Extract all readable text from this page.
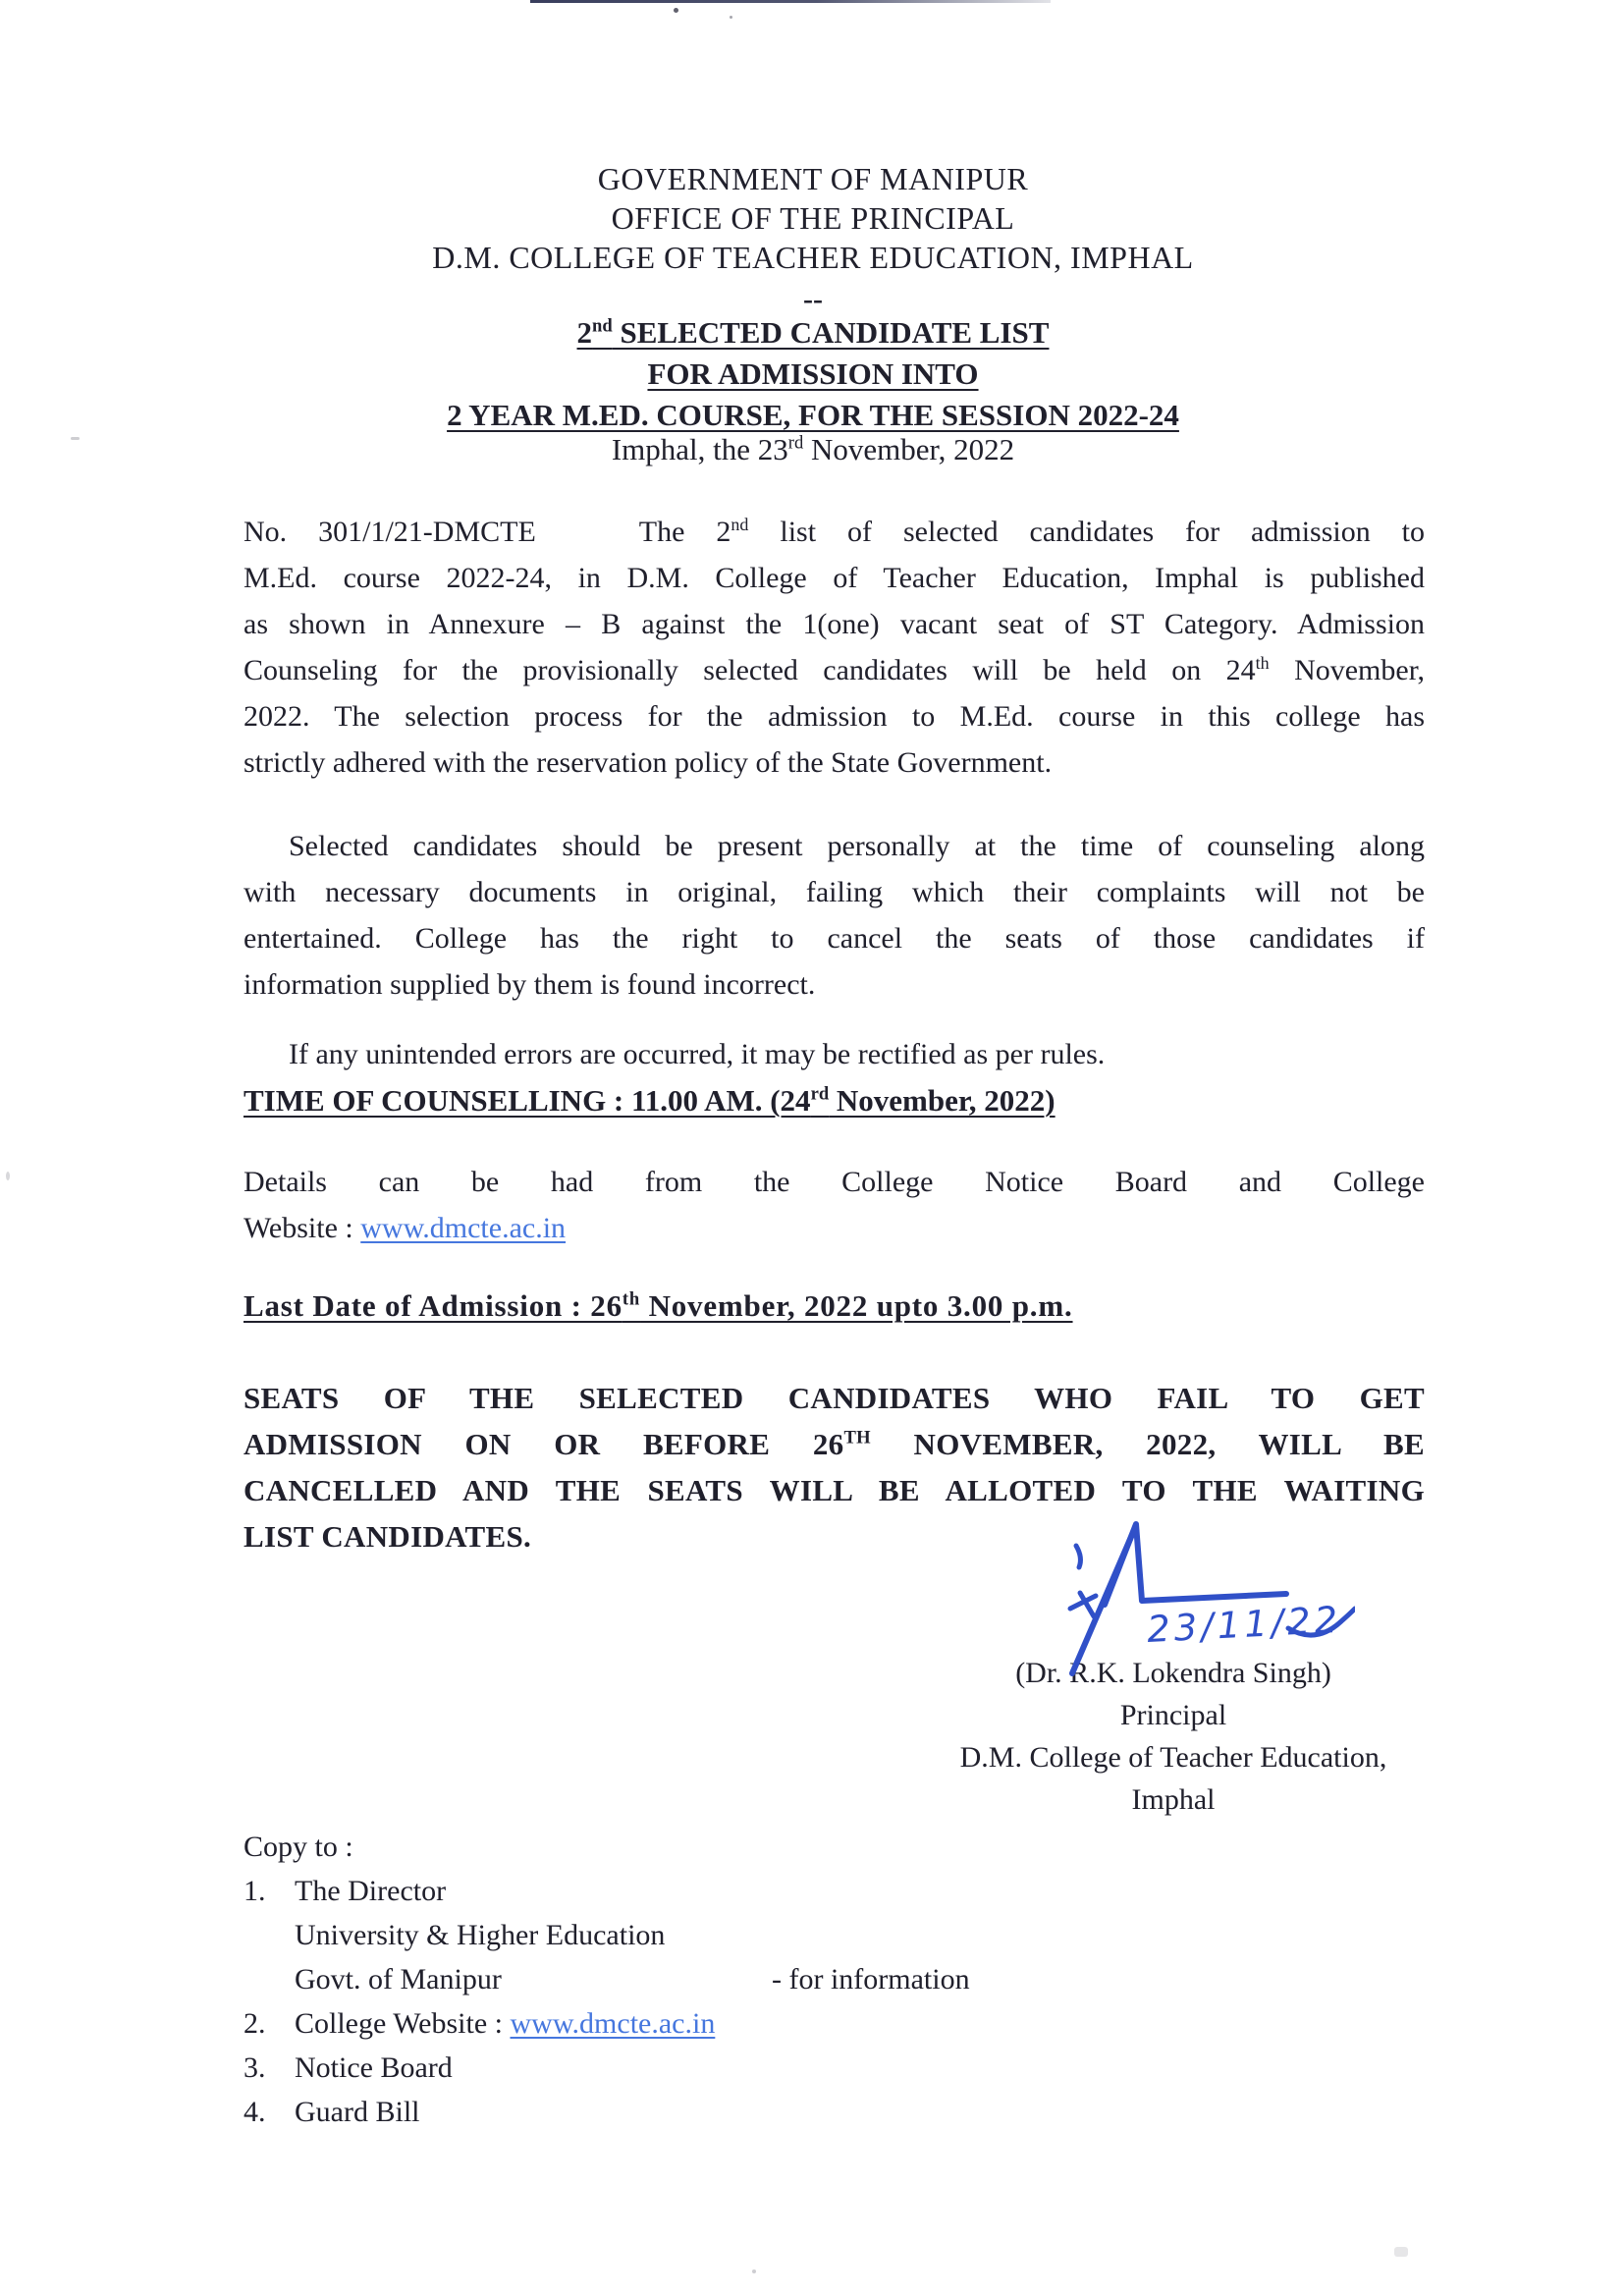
GOVERNMENT OF MANIPUR
OFFICE OF THE PRINCIPAL
D.M. COLLEGE OF TEACHER EDUCATION, IMPHAL
--
2nd SELECTED CANDIDATE LIST
FOR ADMISSION INTO
2 YEAR M.ED. COURSE, FOR THE SESSION 2022-24
Imphal, the 23rd November, 2022
No. 301/1/21-DMCTE	The 2nd list of selected candidates for admission to
M.Ed. course 2022-24, in D.M. College of Teacher Education, Imphal is published
as shown in Annexure – B against the 1(one) vacant seat of ST Category. Admission
Counseling for the provisionally selected candidates will be held on 24th November,
2022. The selection process for the admission to M.Ed. course in this college has
strictly adhered with the reservation policy of the State Government.
Selected candidates should be present personally at the time of counseling along
with necessary documents in original, failing which their complaints will not be
entertained. College has the right to cancel the seats of those candidates if
information supplied by them is found incorrect.
If any unintended errors are occurred, it may be rectified as per rules.
TIME OF COUNSELLING : 11.00 AM. (24rd November, 2022)
Details can be had from the College Notice Board and College
Website : www.dmcte.ac.in
Last Date of Admission : 26th November, 2022 upto 3.00 p.m.
SEATS OF THE SELECTED CANDIDATES WHO FAIL TO GET
ADMISSION ON OR BEFORE 26TH NOVEMBER, 2022, WILL BE
CANCELLED AND THE SEATS WILL BE ALLOTED TO THE WAITING
LIST CANDIDATES.
23/11/22
(Dr. R.K. Lokendra Singh)
Principal
D.M. College of Teacher Education,
Imphal
Copy to :
1. The Director
University & Higher Education
Govt. of Manipur	- for information
2. College Website : www.dmcte.ac.in
3. Notice Board
4. Guard Bill
